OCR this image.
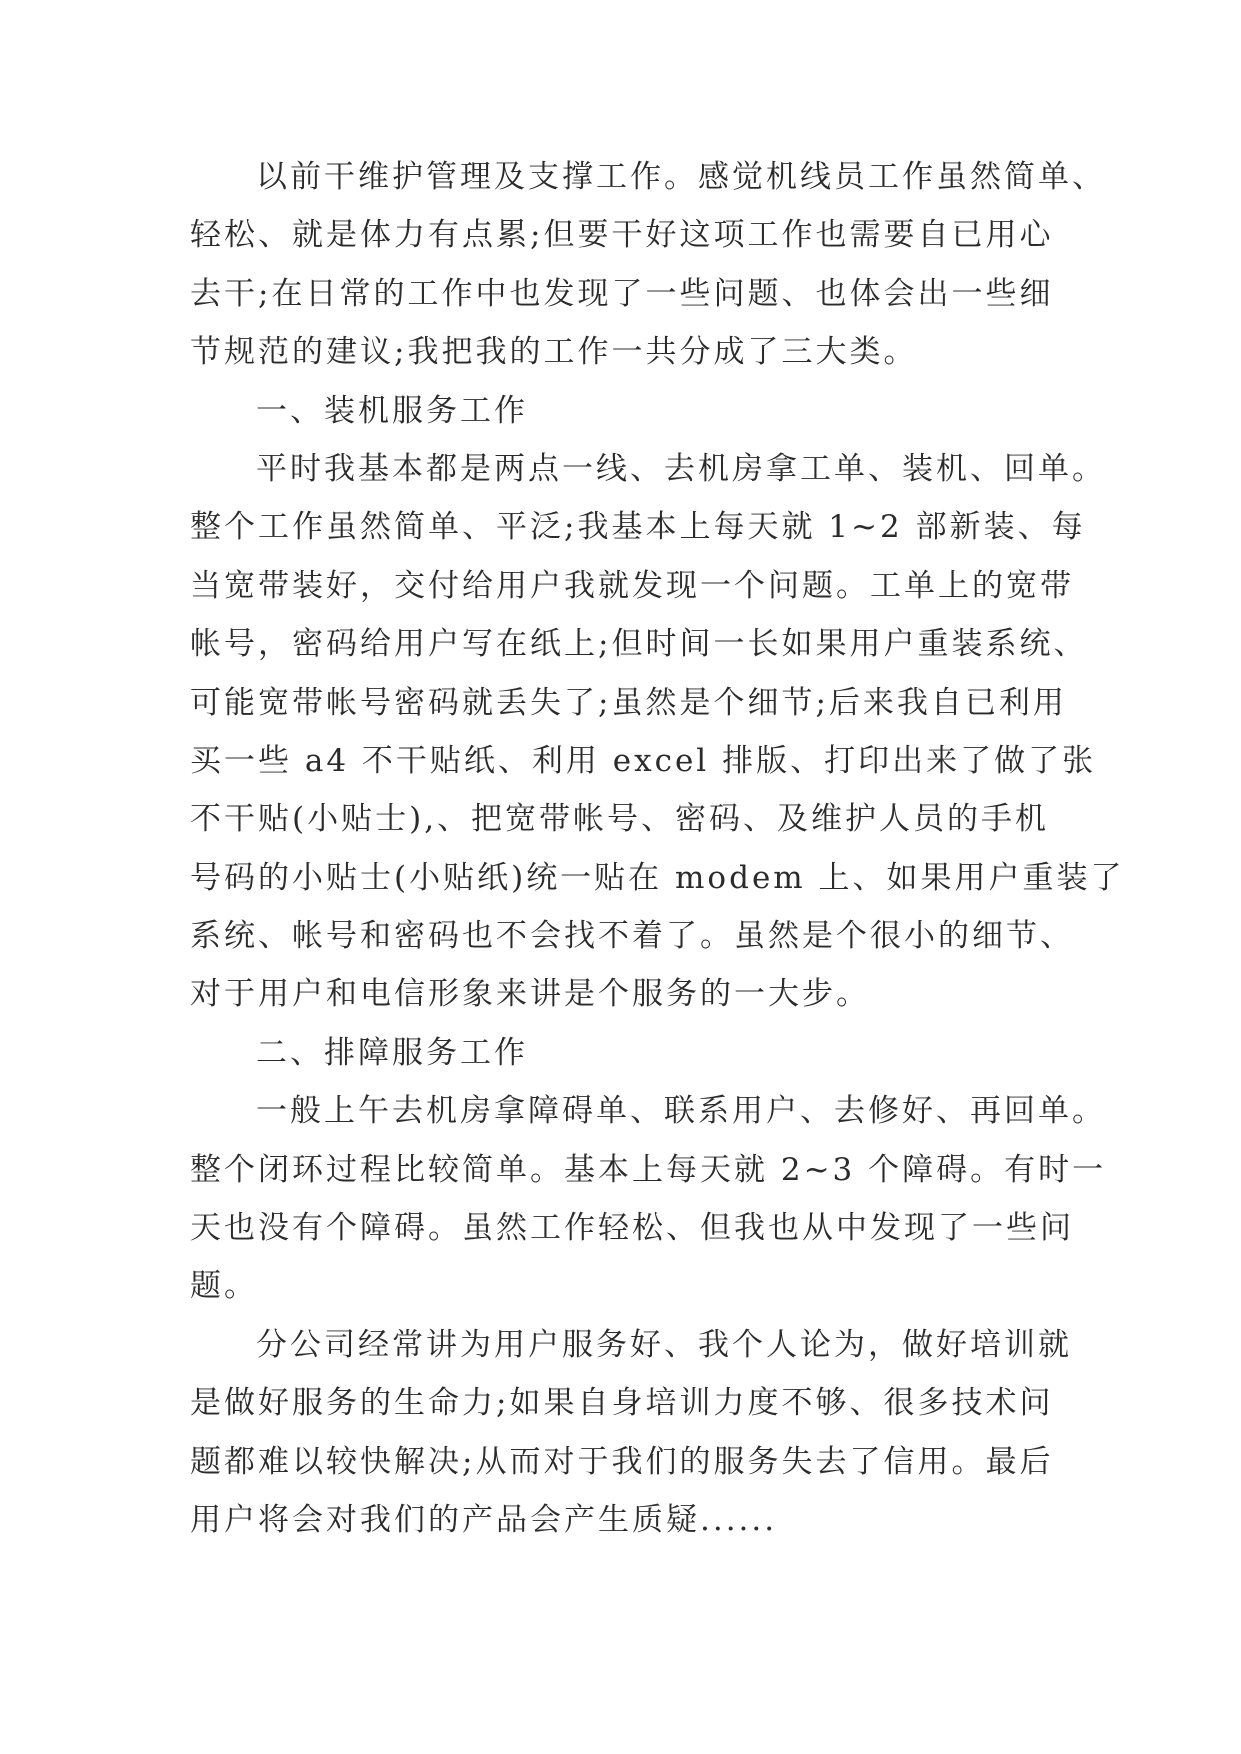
以前干维护管理及支撑工作。感觉机线员工作虽然简单、
轻松、就是体力有点累;但要干好这项工作也需要自已用心
去干;在日常的工作中也发现了一些问题、也体会出一些细
节规范的建议;我把我的工作一共分成了三大类。
一、装机服务工作
平时我基本都是两点一线、去机房拿工单、装机、回单。
整个工作虽然简单、平泛;我基本上每天就 1~2 部新装、每
当宽带装好，交付给用户我就发现一个问题。工单上的宽带
帐号，密码给用户写在纸上;但时间一长如果用户重装系统、
可能宽带帐号密码就丢失了;虽然是个细节;后来我自已利用
买一些 a4 不干贴纸、利用 excel 排版、打印出来了做了张
不干贴(小贴士),、把宽带帐号、密码、及维护人员的手机
号码的小贴士(小贴纸)统一贴在 modem 上、如果用户重装了
系统、帐号和密码也不会找不着了。虽然是个很小的细节、
对于用户和电信形象来讲是个服务的一大步。
二、排障服务工作
一般上午去机房拿障碍单、联系用户、去修好、再回单。
整个闭环过程比较简单。基本上每天就 2~3 个障碍。有时一
天也没有个障碍。虽然工作轻松、但我也从中发现了一些问
题。
分公司经常讲为用户服务好、我个人论为，做好培训就
是做好服务的生命力;如果自身培训力度不够、很多技术问
题都难以较快解决;从而对于我们的服务失去了信用。最后
用户将会对我们的产品会产生质疑......
